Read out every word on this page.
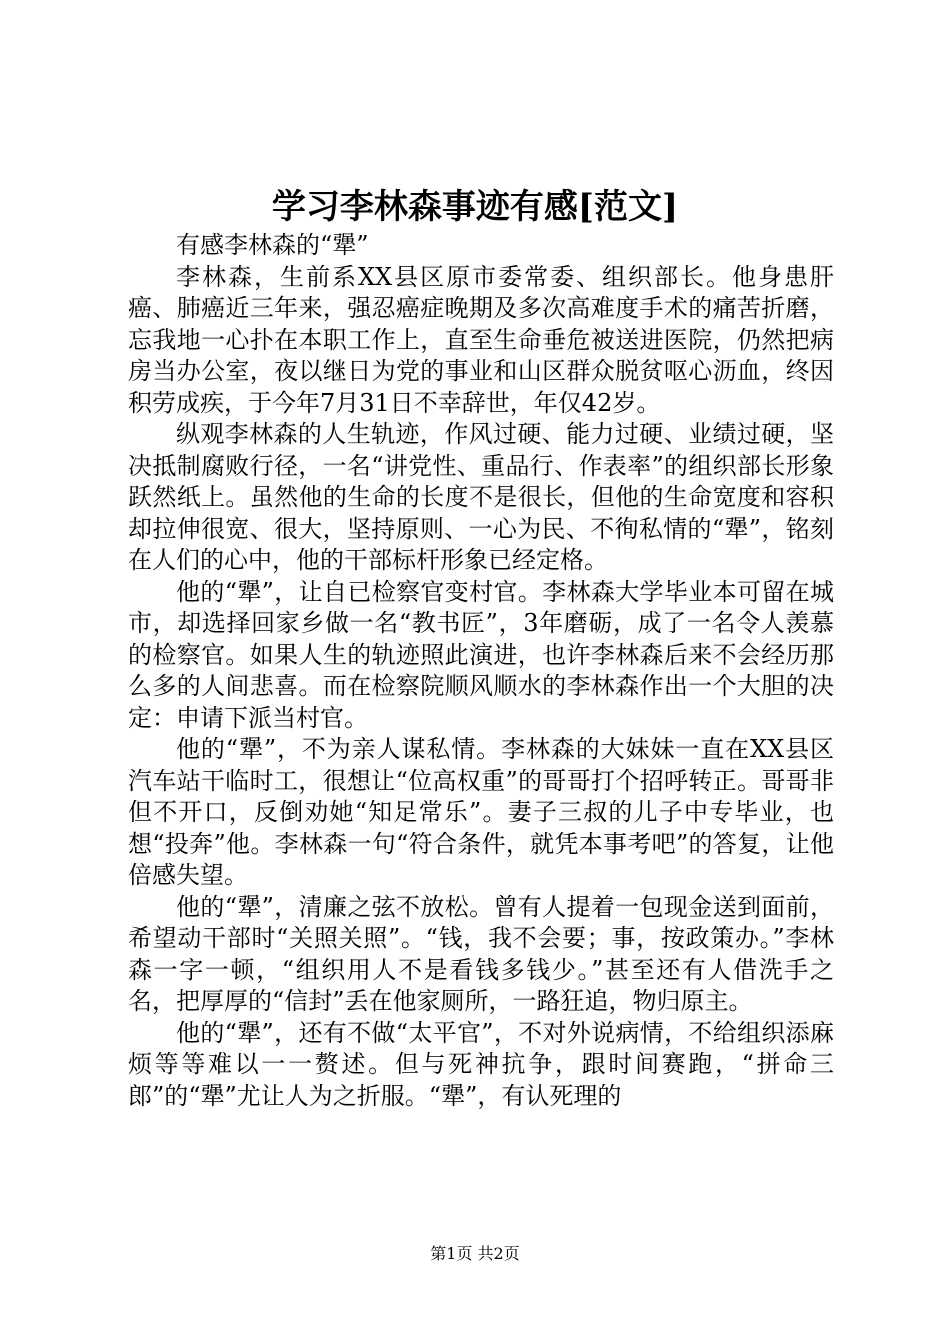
学习李林森事迹有感[范文]

有感李林森的“犟”

李林森，生前系XX县区原市委常委、组织部长。他身患肝癌、肺癌近三年来，强忍癌症晚期及多次高难度手术的痛苦折磨，忘我地一心扑在本职工作上，直至生命垂危被送进医院，仍然把病房当办公室，夜以继日为党的事业和山区群众脱贫呕心沥血，终因积劳成疾，于今年7月31日不幸辞世，年仅42岁。

纵观李林森的人生轨迹，作风过硬、能力过硬、业绩过硬，坚决抵制腐败行径，一名“讲党性、重品行、作表率”的组织部长形象跃然纸上。虽然他的生命的长度不是很长，但他的生命宽度和容积却拉伸很宽、很大，坚持原则、一心为民、不徇私情的“犟”，铭刻在人们的心中，他的干部标杆形象已经定格。

他的“犟”，让自已检察官变村官。李林森大学毕业本可留在城市，却选择回家乡做一名“教书匠”，3年磨砺，成了一名令人羡慕的检察官。如果人生的轨迹照此演进，也许李林森后来不会经历那么多的人间悲喜。而在检察院顺风顺水的李林森作出一个大胆的决定：申请下派当村官。

他的“犟”，不为亲人谋私情。李林森的大妹妹一直在XX县区汽车站干临时工，很想让“位高权重”的哥哥打个招呼转正。哥哥非但不开口，反倒劝她“知足常乐”。妻子三叔的儿子中专毕业，也想“投奔”他。李林森一句“符合条件，就凭本事考吧”的答复，让他倍感失望。

他的“犟”，清廉之弦不放松。曾有人提着一包现金送到面前，希望动干部时“关照关照”。“钱，我不会要；事，按政策办。”李林森一字一顿，“组织用人不是看钱多钱少。”甚至还有人借洗手之名，把厚厚的“信封”丢在他家厕所，一路狂追，物归原主。

他的“犟”，还有不做“太平官”，不对外说病情，不给组织添麻烦等等难以一一赘述。但与死神抗争，跟时间赛跑，“拼命三郎”的“犟”尤让人为之折服。“犟”，有认死理的

第1页 共2页
